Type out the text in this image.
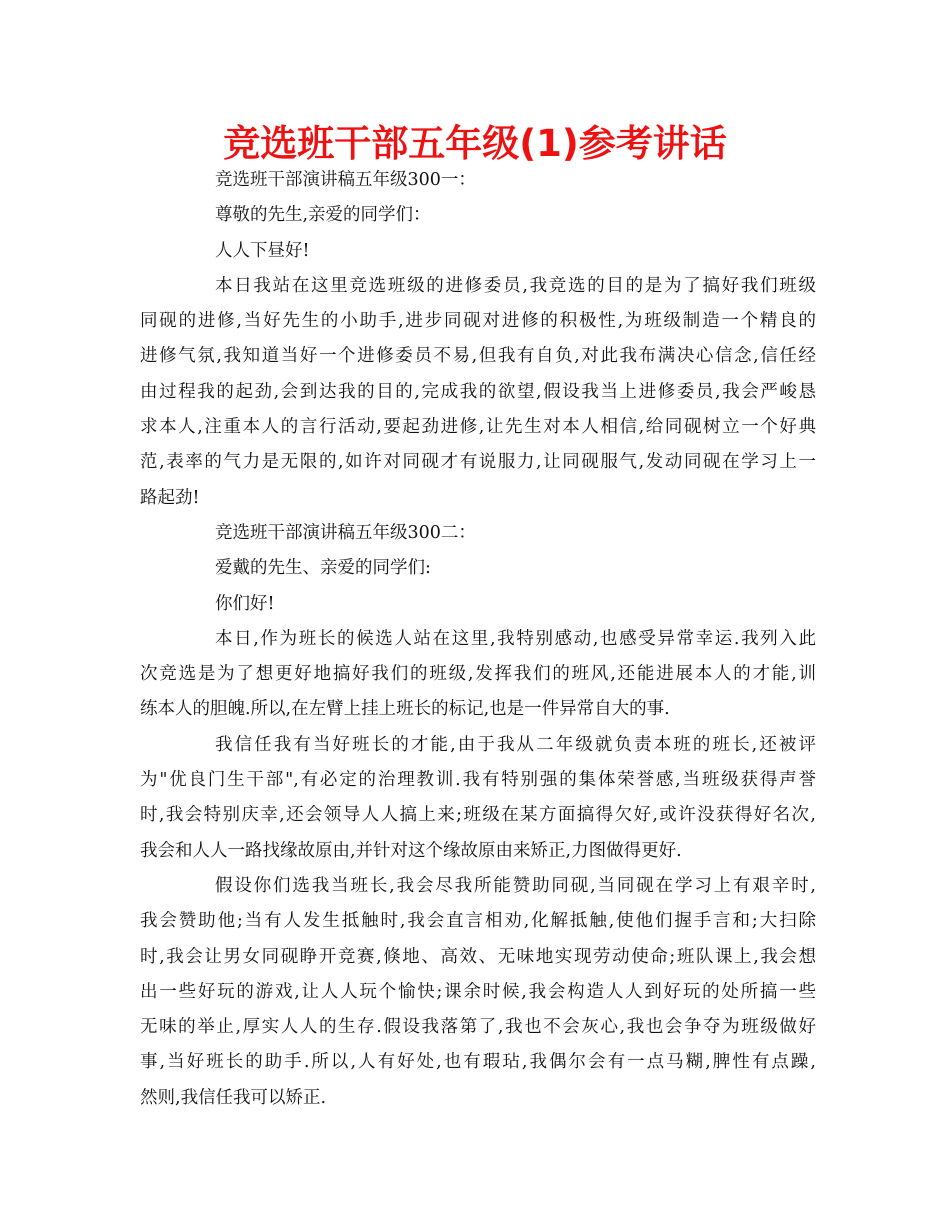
竞选班干部五年级(1)参考讲话
竞选班干部演讲稿五年级300一：
尊敬的先生,亲爱的同学们：
人人下昼好!
本日我站在这里竞选班级的进修委员,我竞选的目的是为了搞好我们班级
同砚的进修,当好先生的小助手,进步同砚对进修的积极性,为班级制造一个精良的
进修气氛,我知道当好一个进修委员不易,但我有自负,对此我布满决心信念,信任经
由过程我的起劲,会到达我的目的,完成我的欲望,假设我当上进修委员,我会严峻恳
求本人,注重本人的言行活动,要起劲进修,让先生对本人相信,给同砚树立一个好典
范,表率的气力是无限的,如许对同砚才有说服力,让同砚服气,发动同砚在学习上一
路起劲!
竞选班干部演讲稿五年级300二：
爱戴的先生、亲爱的同学们:
你们好!
本日,作为班长的候选人站在这里,我特别感动,也感受异常幸运.我列入此
次竞选是为了想更好地搞好我们的班级,发挥我们的班风,还能进展本人的才能,训
练本人的胆魄.所以,在左臂上挂上班长的标记,也是一件异常自大的事.
我信任我有当好班长的才能,由于我从二年级就负责本班的班长,还被评
为"优良门生干部",有必定的治理教训.我有特别强的集体荣誉感,当班级获得声誉
时,我会特别庆幸,还会领导人人搞上来;班级在某方面搞得欠好,或许没获得好名次,
我会和人人一路找缘故原由,并针对这个缘故原由来矫正,力图做得更好.
假设你们选我当班长,我会尽我所能赞助同砚,当同砚在学习上有艰辛时,
我会赞助他;当有人发生抵触时,我会直言相劝,化解抵触,使他们握手言和;大扫除
时,我会让男女同砚睁开竞赛,倏地、高效、无味地实现劳动使命;班队课上,我会想
出一些好玩的游戏,让人人玩个愉快;课余时候,我会构造人人到好玩的处所搞一些
无味的举止,厚实人人的生存.假设我落第了,我也不会灰心,我也会争夺为班级做好
事,当好班长的助手.所以,人有好处,也有瑕玷,我偶尔会有一点马糊,脾性有点躁,
然则,我信任我可以矫正.
